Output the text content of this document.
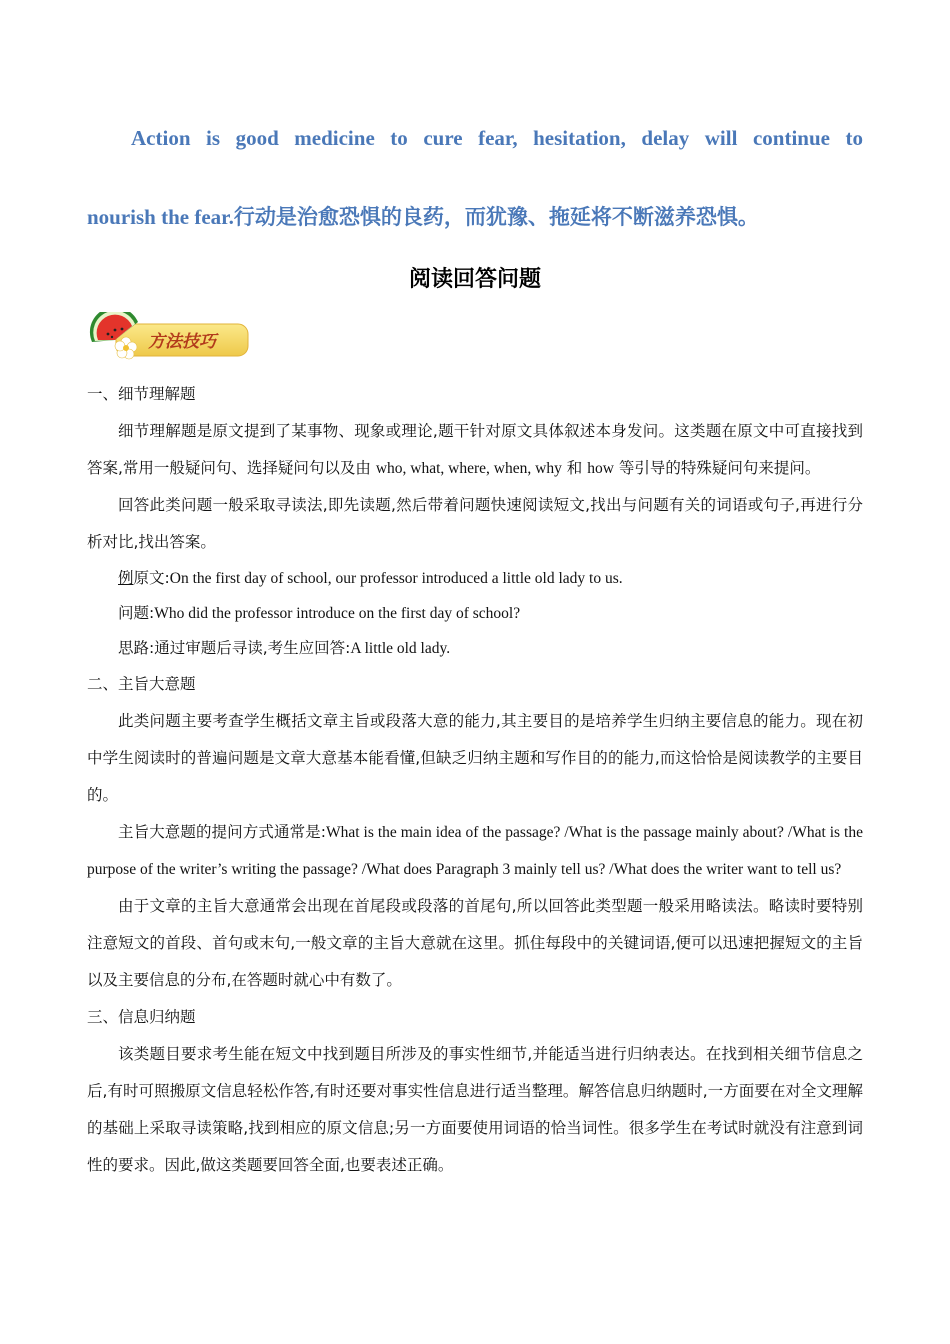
Action is good medicine to cure fear, hesitation, delay will continue to
nourish the fear.行动是治愈恐惧的良药，而犹豫、拖延将不断滋养恐惧。
阅读回答问题
方法技巧

一、细节理解题

细节理解题是原文提到了某事物、现象或理论,题干针对原文具体叙述本身发问。这类题在原文中可直接找到答案,常用一般疑问句、选择疑问句以及由 who, what, where, when, why 和 how 等引导的特殊疑问句来提问。

回答此类问题一般采取寻读法,即先读题,然后带着问题快速阅读短文,找出与问题有关的词语或句子,再进行分析对比,找出答案。

例原文:On the first day of school, our professor introduced a little old lady to us.

问题:Who did the professor introduce on the first day of school?

思路:通过审题后寻读,考生应回答:A little old lady.

二、主旨大意题

此类问题主要考查学生概括文章主旨或段落大意的能力,其主要目的是培养学生归纳主要信息的能力。现在初中学生阅读时的普遍问题是文章大意基本能看懂,但缺乏归纳主题和写作目的的能力,而这恰恰是阅读教学的主要目的。

主旨大意题的提问方式通常是:What is the main idea of the passage? /What is the passage mainly about? /What is the purpose of the writer’s writing the passage? /What does Paragraph 3 mainly tell us? /What does the writer want to tell us?

由于文章的主旨大意通常会出现在首尾段或段落的首尾句,所以回答此类型题一般采用略读法。略读时要特别注意短文的首段、首句或末句,一般文章的主旨大意就在这里。抓住每段中的关键词语,便可以迅速把握短文的主旨以及主要信息的分布,在答题时就心中有数了。

三、信息归纳题

该类题目要求考生能在短文中找到题目所涉及的事实性细节,并能适当进行归纳表达。在找到相关细节信息之后,有时可照搬原文信息轻松作答,有时还要对事实性信息进行适当整理。解答信息归纳题时,一方面要在对全文理解的基础上采取寻读策略,找到相应的原文信息;另一方面要使用词语的恰当词性。很多学生在考试时就没有注意到词性的要求。因此,做这类题要回答全面,也要表述正确。
